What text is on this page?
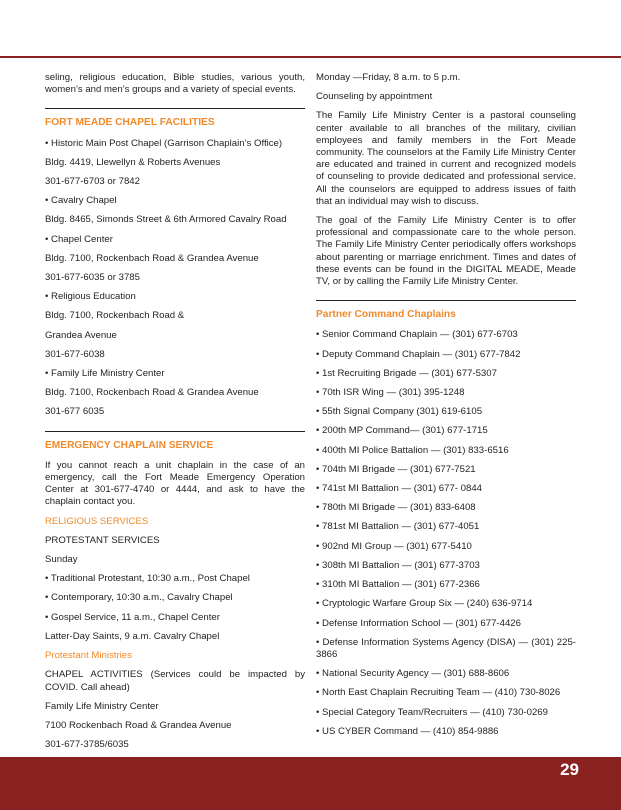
seling, religious education, Bible studies, various youth, women’s and men’s groups and a variety of special events.

FORT MEADE CHAPEL FACILITIES

• Historic Main Post Chapel (Garrison Chaplain’s Office)

Bldg. 4419, Llewellyn & Roberts Avenues

301-677-6703 or 7842

• Cavalry Chapel

Bldg. 8465, Simonds Street & 6th Armored Cavalry Road

• Chapel Center

Bldg. 7100, Rockenbach Road & Grandea Avenue

301-677-6035 or 3785

• Religious Education

Bldg. 7100, Rockenbach Road &

Grandea Avenue

301-677-6038

• Family Life Ministry Center

Bldg. 7100, Rockenbach Road & Grandea Avenue

301-677 6035

EMERGENCY CHAPLAIN SERVICE

If you cannot reach a unit chaplain in the case of an emergency, call the Fort Meade Emergency Operation Center at 301-677-4740 or 4444, and ask to have the chaplain contact you.

RELIGIOUS SERVICES

PROTESTANT SERVICES

Sunday

• Traditional Protestant, 10:30 a.m., Post Chapel

• Contemporary, 10:30 a.m., Cavalry Chapel

• Gospel Service, 11 a.m., Chapel Center

Latter-Day Saints, 9 a.m. Cavalry Chapel

Protestant Ministries

CHAPEL ACTIVITIES (Services could be impacted by COVID. Call ahead)

Family Life Ministry Center

7100 Rockenbach Road & Grandea Avenue

301-677-3785/6035

Monday —Friday, 8 a.m. to 5 p.m.

Counseling by appointment

The Family Life Ministry Center is a pastoral counseling center available to all branches of the military, civilian employees and family members in the Fort Meade community. The counselors at the Family Life Ministry Center are educated and trained in current and recognized models of counseling to provide dedicated and professional service. All the counselors are equipped to address issues of faith that an individual may wish to discuss.

The goal of the Family Life Ministry Center is to offer professional and compassionate care to the whole person. The Family Life Ministry Center periodically offers workshops about parenting or marriage enrichment. Times and dates of these events can be found in the DIGITAL MEADE, Meade TV, or by calling the Family Life Ministry Center.

Partner Command Chaplains

• Senior Command Chaplain — (301) 677-6703

• Deputy Command Chaplain — (301) 677-7842

• 1st Recruiting Brigade — (301) 677-5307

• 70th ISR Wing — (301) 395-1248

• 55th Signal Company (301) 619-6105

• 200th MP Command— (301) 677-1715

• 400th MI Police Battalion — (301) 833-6516

• 704th MI Brigade — (301) 677-7521

• 741st MI Battalion — (301) 677- 0844

• 780th MI Brigade — (301) 833-6408

• 781st MI Battalion — (301) 677-4051

• 902nd MI Group — (301) 677-5410

• 308th MI Battalion — (301) 677-3703

• 310th MI Battalion — (301) 677-2366

• Cryptologic Warfare Group Six — (240) 636-9714

• Defense Information School — (301) 677-4426

• Defense Information Systems Agency (DISA) — (301) 225-3866

• National Security Agency — (301) 688-8606

• North East Chaplain Recruiting Team — (410) 730-8026

• Special Category Team/Recruiters — (410) 730-0269

• US CYBER Command — (410) 854-9886

29
